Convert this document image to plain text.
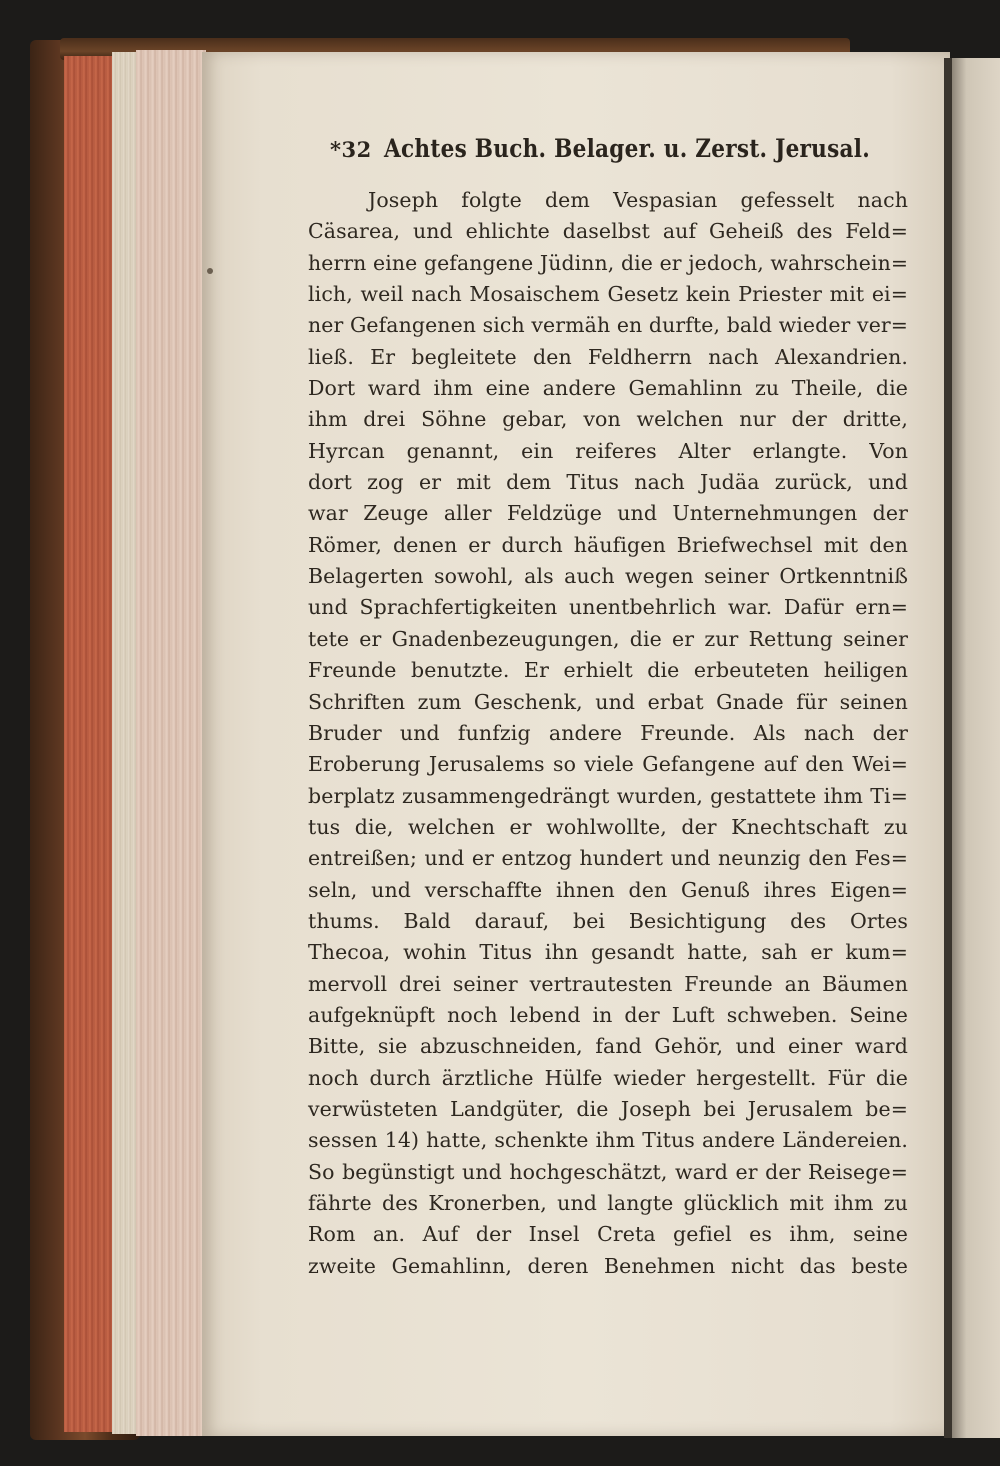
*32 Achtes Buch. Belager. u. Zerst. Jerusal.
Joseph folgte dem Vespasian gefesselt nach
Cäsarea, und ehlichte daselbst auf Geheiß des Feld=
herrn eine gefangene Jüdinn, die er jedoch, wahrschein=
lich, weil nach Mosaischem Gesetz kein Priester mit ei=
ner Gefangenen sich vermäh en durfte, bald wieder ver=
ließ. Er begleitete den Feldherrn nach Alexandrien.
Dort ward ihm eine andere Gemahlinn zu Theile, die
ihm drei Söhne gebar, von welchen nur der dritte,
Hyrcan genannt, ein reiferes Alter erlangte. Von
dort zog er mit dem Titus nach Judäa zurück, und
war Zeuge aller Feldzüge und Unternehmungen der
Römer, denen er durch häufigen Briefwechsel mit den
Belagerten sowohl, als auch wegen seiner Ortkenntniß
und Sprachfertigkeiten unentbehrlich war. Dafür ern=
tete er Gnadenbezeugungen, die er zur Rettung seiner
Freunde benutzte. Er erhielt die erbeuteten heiligen
Schriften zum Geschenk, und erbat Gnade für seinen
Bruder und funfzig andere Freunde. Als nach der
Eroberung Jerusalems so viele Gefangene auf den Wei=
berplatz zusammengedrängt wurden, gestattete ihm Ti=
tus die, welchen er wohlwollte, der Knechtschaft zu
entreißen; und er entzog hundert und neunzig den Fes=
seln, und verschaffte ihnen den Genuß ihres Eigen=
thums. Bald darauf, bei Besichtigung des Ortes
Thecoa, wohin Titus ihn gesandt hatte, sah er kum=
mervoll drei seiner vertrautesten Freunde an Bäumen
aufgeknüpft noch lebend in der Luft schweben. Seine
Bitte, sie abzuschneiden, fand Gehör, und einer ward
noch durch ärztliche Hülfe wieder hergestellt. Für die
verwüsteten Landgüter, die Joseph bei Jerusalem be=
sessen 14) hatte, schenkte ihm Titus andere Ländereien.
So begünstigt und hochgeschätzt, ward er der Reisege=
fährte des Kronerben, und langte glücklich mit ihm zu
Rom an. Auf der Insel Creta gefiel es ihm, seine
zweite Gemahlinn, deren Benehmen nicht das beste
